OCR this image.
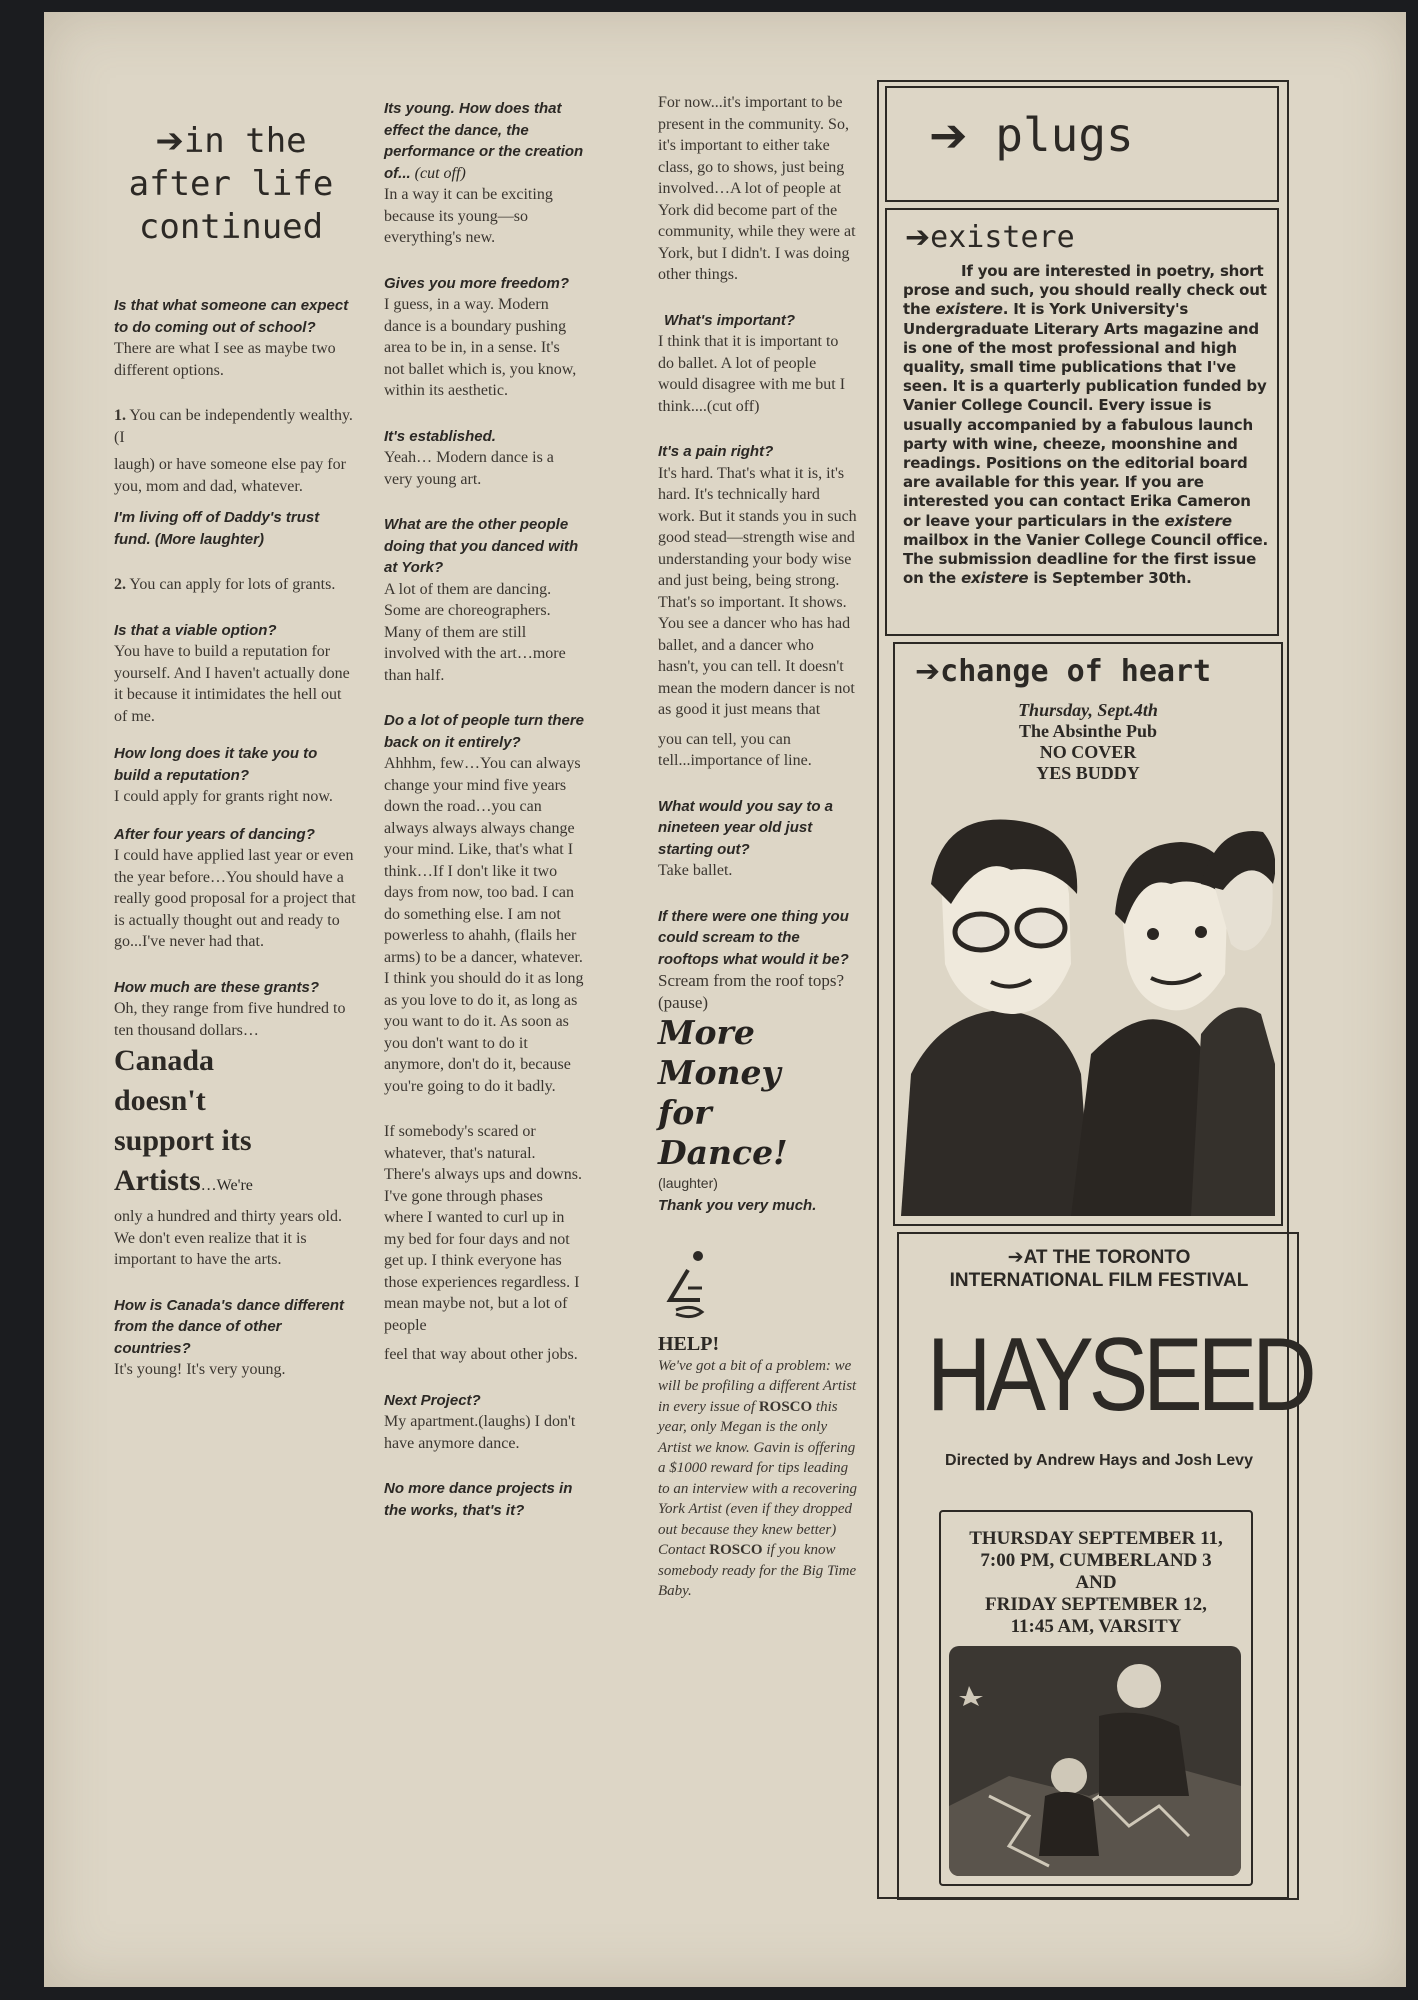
➔in the
after life
continued
Is that what someone can expect to do coming out of school?

There are what I see as maybe two different options.

1. You can be independently wealthy. (I

laugh) or have someone else pay for you, mom and dad, whatever.

I'm living off of Daddy's trust fund. (More laughter)

2. You can apply for lots of grants.

Is that a viable option?

You have to build a reputation for yourself. And I haven't actually done it because it intimidates the hell out of me.

How long does it take you to build a reputation?

I could apply for grants right now.

After four years of dancing?

I could have applied last year or even the year before…You should have a really good proposal for a project that is actually thought out and ready to go...I've never had that.

How much are these grants?

Oh, they range from five hundred to ten thousand dollars…

Canada
doesn't
support its
Artists…We're

only a hundred and thirty years old. We don't even realize that it is important to have the arts.

How is Canada's dance different from the dance of other countries?

It's young! It's very young.

Its young. How does that effect the dance, the performance or the creation of... (cut off)

In a way it can be exciting because its young—so everything's new.

Gives you more freedom?

I guess, in a way. Modern dance is a boundary pushing area to be in, in a sense. It's not ballet which is, you know, within its aesthetic.

It's established.

Yeah… Modern dance is a very young art.

What are the other people doing that you danced with at York?

A lot of them are dancing. Some are choreographers. Many of them are still involved with the art…more than half.

Do a lot of people turn there back on it entirely?

Ahhhm, few…You can always change your mind five years down the road…you can always always always change your mind. Like, that's what I think…If I don't like it two days from now, too bad. I can do something else. I am not powerless to ahahh, (flails her arms) to be a dancer, whatever. I think you should do it as long as you love to do it, as long as you want to do it. As soon as you don't want to do it anymore, don't do it, because you're going to do it badly.

If somebody's scared or whatever, that's natural. There's always ups and downs. I've gone through phases where I wanted to curl up in my bed for four days and not get up. I think everyone has those experiences regardless. I mean maybe not, but a lot of people

feel that way about other jobs.

Next Project?

My apartment.(laughs) I don't have anymore dance.

No more dance projects in the works, that's it?

For now...it's important to be present in the community. So, it's important to either take class, go to shows, just being involved…A lot of people at York did become part of the community, while they were at York, but I didn't. I was doing other things.

What's important?

I think that it is important to do ballet. A lot of people would disagree with me but I think....(cut off)

It's a pain right?

It's hard. That's what it is, it's hard. It's technically hard work. But it stands you in such good stead—strength wise and understanding your body wise and just being, being strong. That's so important. It shows. You see a dancer who has had ballet, and a dancer who hasn't, you can tell. It doesn't mean the modern dancer is not as good it just means that

you can tell, you can tell...importance of line.

What would you say to a nineteen year old just starting out?

Take ballet.

If there were one thing you could scream to the rooftops what would it be?

Scream from the roof tops? (pause)

More
Money
for
Dance!
(laughter)
Thank you very much.
HELP!
We've got a bit of a problem: we will be profiling a different Artist in every issue of ROSCO this year, only Megan is the only Artist we know. Gavin is offering a $1000 reward for tips leading to an interview with a recovering York Artist (even if they dropped out because they knew better) Contact ROSCO if you know somebody ready for the Big Time Baby.
➔ plugs
➔existere
If you are interested in poetry, short prose and such, you should really check out the existere. It is York University's Undergraduate Literary Arts magazine and is one of the most professional and high quality, small time publications that I've seen. It is a quarterly publication funded by Vanier College Council. Every issue is usually accompanied by a fabulous launch party with wine, cheeze, moonshine and readings. Positions on the editorial board are available for this year. If you are interested you can contact Erika Cameron or leave your particulars in the existere mailbox in the Vanier College Council office. The submission deadline for the first issue on the existere is September 30th.
➔change of heart
Thursday, Sept.4th
The Absinthe Pub
NO COVER
YES BUDDY
➔AT THE TORONTO INTERNATIONAL FILM FESTIVAL
HAYSEED
Directed by Andrew Hays and Josh Levy
THURSDAY SEPTEMBER 11,
7:00 PM, CUMBERLAND 3
AND
FRIDAY SEPTEMBER 12,
11:45 AM, VARSITY
